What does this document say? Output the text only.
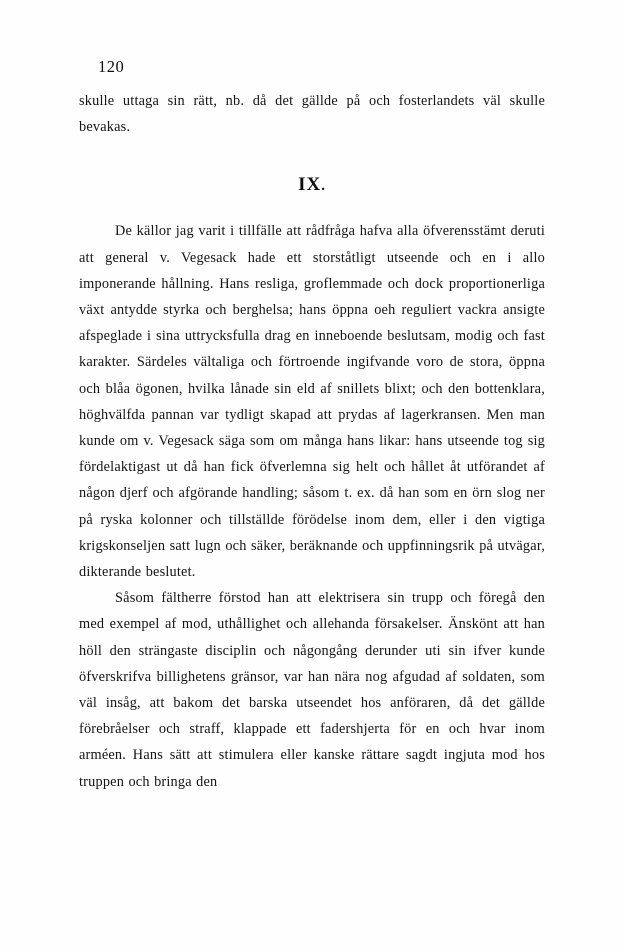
120

skulle uttaga sin rätt, nb. då det gällde på och fosterlandets väl skulle bevakas.

IX.

De källor jag varit i tillfälle att rådfråga hafva alla öfverensstämt deruti att general v. Vegesack hade ett storståtligt utseende och en i allo imponerande hållning. Hans resliga, groflemmade och dock proportionerliga växt antydde styrka och berghelsa; hans öppna oeh reguliert vackra ansigte afspeglade i sina uttrycksfulla drag en inneboende beslutsam, modig och fast karakter. Särdeles vältaliga och förtroende ingifvande voro de stora, öppna och blåa ögonen, hvilka lånade sin eld af snillets blixt; och den bottenklara, höghvälfda pannan var tydligt skapad att prydas af lagerkransen. Men man kunde om v. Vegesack säga som om många hans likar: hans utseende tog sig fördelaktigast ut då han fick öfverlemna sig helt och hållet åt utförandet af någon djerf och afgörande handling; såsom t. ex. då han som en örn slog ner på ryska kolonner och tillställde förödelse inom dem, eller i den vigtiga krigskonseljen satt lugn och säker, beräknande och uppfinningsrik på utvägar, dikterande beslutet.

Såsom fältherre förstod han att elektrisera sin trupp och föregå den med exempel af mod, uthållighet och allehanda försakelser. Änskönt att han höll den strängaste disciplin och någongång derunder uti sin ifver kunde öfverskrifva billighetens gränsor, var han nära nog afgudad af soldaten, som väl insåg, att bakom det barska utseendet hos anföraren, då det gällde förebråelser och straff, klappade ett fadershjerta för en och hvar inom arméen. Hans sätt att stimulera eller kanske rättare sagdt ingjuta mod hos truppen och bringa den
